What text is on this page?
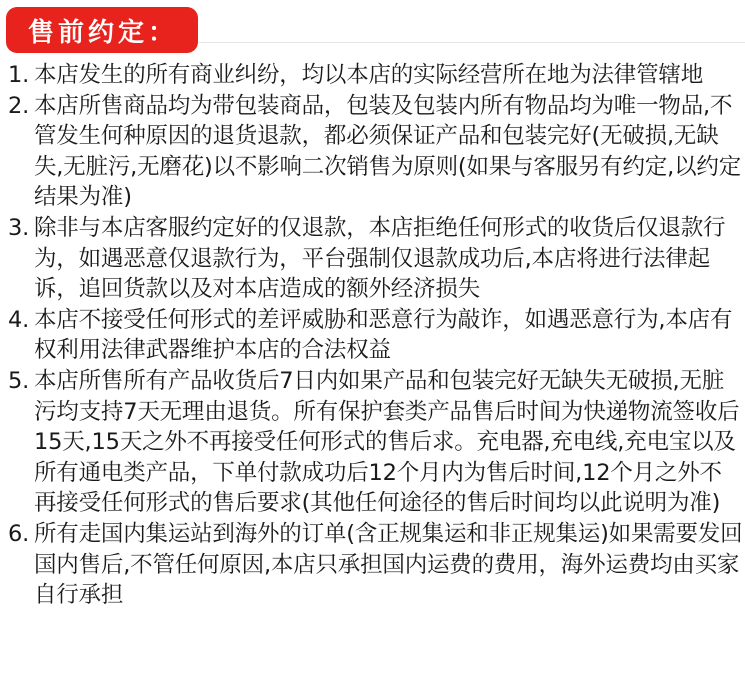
售前约定：
1. 本店发生的所有商业纠纷，均以本店的实际经营所在地为法律管辖地
2. 本店所售商品均为带包装商品，包装及包装内所有物品均为唯一物品,不管发生何种原因的退货退款，都必须保证产品和包装完好(无破损,无缺失,无脏污,无磨花)以不影响二次销售为原则(如果与客服另有约定,以约定结果为准)
3. 除非与本店客服约定好的仅退款，本店拒绝任何形式的收货后仅退款行 为，如遇恶意仅退款行为，平台强制仅退款成功后,本店将进行法律起诉，追回货款以及对本店造成的额外经济损失
4. 本店不接受任何形式的差评威胁和恶意行为敲诈，如遇恶意行为,本店有权利用法律武器维护本店的合法权益
5. 本店所售所有产品收货后7日内如果产品和包装完好无缺失无破损,无脏污均支持7天无理由退货。所有保护套类产品售后时间为快递物流签收后15天,15天之外不再接受任何形式的售后求。充电器,充电线,充电宝以及所有通电类产品，下单付款成功后12个月内为售后时间,12个月之外不再接受任何形式的售后要求(其他任何途径的售后时间均以此说明为准)
6. 所有走国内集运站到海外的订单(含正规集运和非正规集运)如果需要发回国内售后,不管任何原因,本店只承担国内运费的费用，海外运费均由买家自行承担
